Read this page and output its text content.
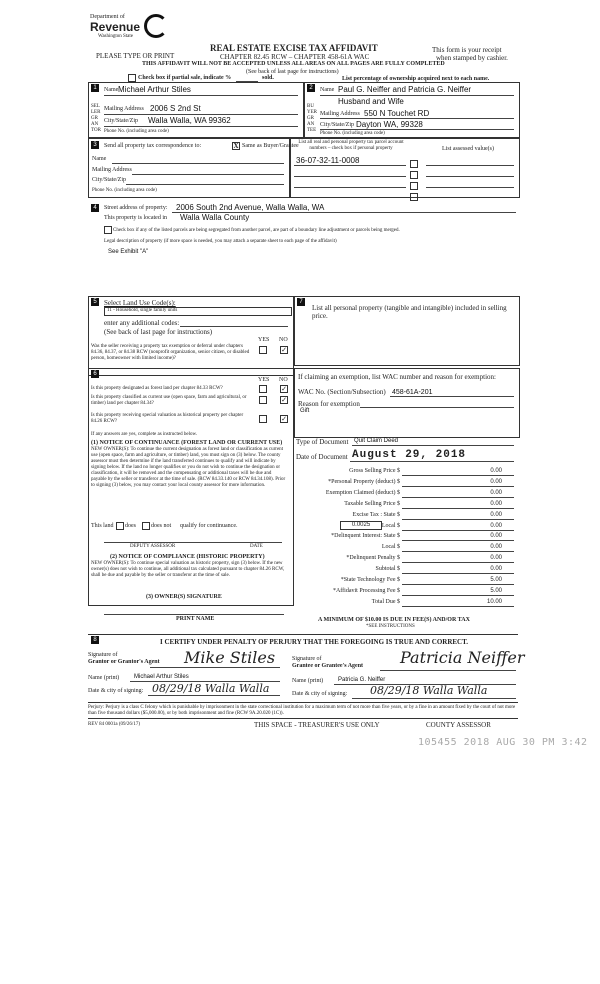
Department of
Revenue
Washington State
PLEASE TYPE OR PRINT
REAL ESTATE EXCISE TAX AFFIDAVIT
CHAPTER 82.45 RCW – CHAPTER 458-61A WAC
THIS AFFIDAVIT WILL NOT BE ACCEPTED UNLESS ALL AREAS ON ALL PAGES ARE FULLY COMPLETED
This form is your receipt
when stamped by cashier.
(See back of last page for instructions)
Check box if partial sale, indicate %	sold.	List percentage of ownership acquired next to each name.
1	2
SELLER GRANTOR
Name Michael Arthur Stiles
Mailing Address 2006 S 2nd St
City/State/Zip Walla Walla, WA 99362
Phone No. (including area code)
BUYER GRANTEE
Name Paul G. Neiffer and Patricia G. Neiffer
Husband and Wife
Mailing Address 550 N Touchet RD
City/State/Zip Dayton WA, 99328
Phone No. (including area code)
3	Send all property tax correspondence to:	X Same as Buyer/Grantee
Name
Mailing Address
City/State/Zip
Phone No. (including area code)
List all real and personal property tax parcel account numbers – check box if personal property	List assessed value(s)
36-07-32-11-0008
4	Street address of property: 2006 South 2nd Avenue, Walla Walla, WA
This property is located in Walla Walla County
Check box if any of the listed parcels are being segregated from another parcel, are part of a boundary line adjustment or parcels being merged.
Legal description of property (if more space is needed, you may attach a separate sheet to each page of the affidavit)
See Exhibit "A"
5	Select Land Use Code(s):
11 - Household, single family units
enter any additional codes:
(See back of last page for instructions)
YES NO
Was the seller receiving a property tax exemption or deferral under chapters 84.36, 84.37, or 84.38 RCW (nonprofit organization, senior citizen, or disabled person, homeowner with limited income)?
✓
7
List all personal property (tangible and intangible) included in selling price.
6
YES NO
Is this property designated as forest land per chapter 84.33 RCW?	✓
Is this property classified as current use (open space, farm and agricultural, or timber) land per chapter 84.34?	✓
Is this property receiving special valuation as historical property per chapter 84.26 RCW?	✓
If any answers are yes, complete as instructed below.
(1) NOTICE OF CONTINUANCE (FOREST LAND OR CURRENT USE)
NEW OWNER(S): To continue the current designation as forest land or classification as current use (open space, farm and agriculture, or timber) land, you must sign on (3) below. The county assessor must then determine if the land transferred continues to qualify and will indicate by signing below. If the land no longer qualifies or you do not wish to continue the designation or classification, it will be removed and the compensating or additional taxes will be due and payable by the seller or transferor at the time of sale. (RCW 84.33.140 or RCW 84.34.108). Prior to signing (3) below, you may contact your local county assessor for more information.
This land does	does not qualify for continuance.
DEPUTY ASSESSOR	DATE
(2) NOTICE OF COMPLIANCE (HISTORIC PROPERTY)
NEW OWNER(S): To continue special valuation as historic property, sign (3) below. If the new owner(s) does not wish to continue, all additional tax calculated pursuant to chapter 84.26 RCW, shall be due and payable by the seller or transferor at the time of sale.
(3) OWNER(S) SIGNATURE
PRINT NAME
If claiming an exemption, list WAC number and reason for exemption:
WAC No. (Section/Subsection) 458-61A-201
Reason for exemption
Gift
Type of Document Quit Claim Deed
Date of Document August 29, 2018
Gross Selling Price $	0.00
*Personal Property (deduct) $	0.00
Exemption Claimed (deduct) $	0.00
Taxable Selling Price $	0.00
Excise Tax : State $	0.00
Local $	0.00
*Delinquent Interest: State $	0.00
Local $	0.00
*Delinquent Penalty $	0.00
Subtotal $	0.00
*State Technology Fee $	5.00
*Affidavit Processing Fee $	5.00
Total Due $	10.00
0.0025
A MINIMUM OF $10.00 IS DUE IN FEE(S) AND/OR TAX
*SEE INSTRUCTIONS
8	I CERTIFY UNDER PENALTY OF PERJURY THAT THE FOREGOING IS TRUE AND CORRECT.
Signature of
Grantor or Grantor's Agent Mike Stiles	Signature of
Grantee or Grantee's Agent Patricia Neiffer
Name (print) Michael Arthur Stiles
Name (print) Patricia G. Neiffer
Date & city of signing: 08/29/18 Walla Walla	Date & city of signing: 08/29/18 Walla Walla
Perjury: Perjury is a class C felony which is punishable by imprisonment in the state correctional institution for a maximum term of not more than five years, or by a fine in an amount fixed by the court of not more than five thousand dollars ($5,000.00), or by both imprisonment and fine (RCW 9A.20.020 (1C)).
REV 84 0001a (09/26/17)	THIS SPACE - TREASURER'S USE ONLY	COUNTY ASSESSOR
105455 2018 AUG 30 PM 3:42
